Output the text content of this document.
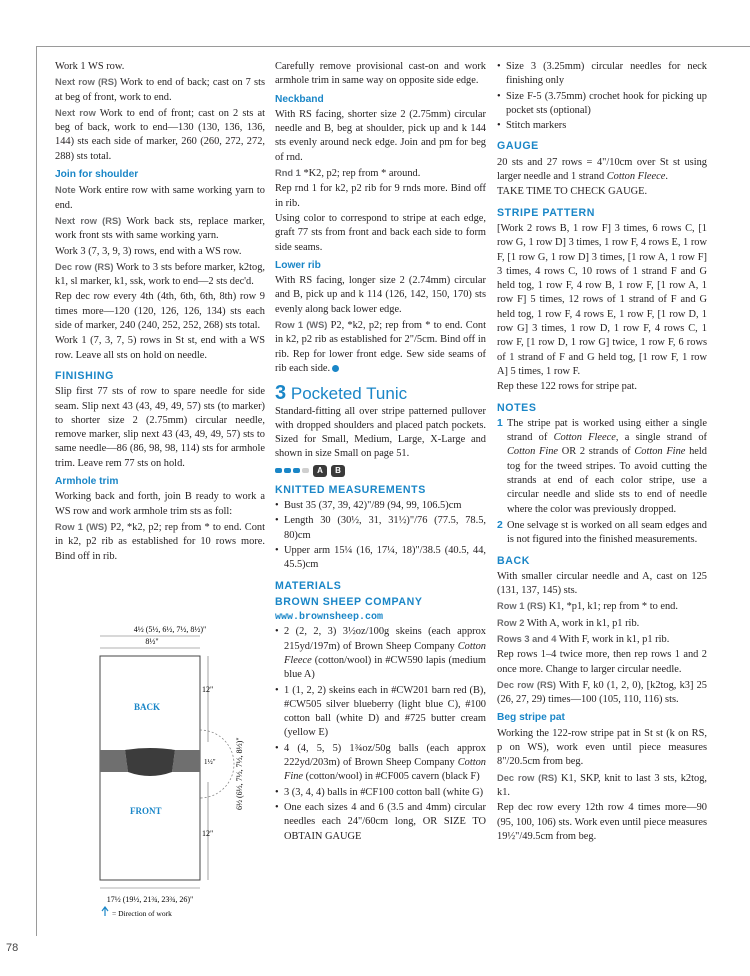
Work 1 WS row.

Next row (RS) Work to end of back; cast on 7 sts at beg of front, work to end.

Next row Work to end of front; cast on 2 sts at beg of back, work to end—130 (130, 136, 136, 144) sts each side of marker, 260 (260, 272, 272, 288) sts total.

Join for shoulder

Note Work entire row with same working yarn to end.

Next row (RS) Work back sts, replace marker, work front sts with same working yarn.

Work 3 (7, 3, 9, 3) rows, end with a WS row.

Dec row (RS) Work to 3 sts before marker, k2tog, k1, sl marker, k1, ssk, work to end—2 sts dec'd.

Rep dec row every 4th (4th, 6th, 6th, 8th) row 9 times more—120 (120, 126, 126, 134) sts each side of marker, 240 (240, 252, 252, 268) sts total.

Work 1 (7, 3, 7, 5) rows in St st, end with a WS row. Leave all sts on hold on needle.

FINISHING

Slip first 77 sts of row to spare needle for side seam. Slip next 43 (43, 49, 49, 57) sts (to marker) to shorter size 2 (2.75mm) circular needle, remove marker, slip next 43 (43, 49, 49, 57) sts to same needle—86 (86, 98, 98, 114) sts for armhole trim. Leave rem 77 sts on hold.

Armhole trim

Working back and forth, join B ready to work a WS row and work armhole trim sts as foll:

Row 1 (WS) P2, *k2, p2; rep from * to end. Cont in k2, p2 rib as established for 10 rows more. Bind off in rib.

4½ (5½, 6½, 7½, 8½)"
8½"
BACK
FRONT
12"
1½"
12"
6½ (6½, 7½, 7½, 8½)"
17½ (19½, 21¾, 23¾, 26)"
= Direction of work

Carefully remove provisional cast-on and work armhole trim in same way on opposite side edge.

Neckband

With RS facing, shorter size 2 (2.75mm) circular needle and B, beg at shoulder, pick up and k 144 sts evenly around neck edge. Join and pm for beg of rnd.

Rnd 1 *K2, p2; rep from * around.

Rep rnd 1 for k2, p2 rib for 9 rnds more. Bind off in rib.

Using color to correspond to stripe at each edge, graft 77 sts from front and back each side to form side seams.

Lower rib

With RS facing, longer size 2 (2.74mm) circular and B, pick up and k 114 (126, 142, 150, 170) sts evenly along back lower edge.

Row 1 (WS) P2, *k2, p2; rep from * to end. Cont in k2, p2 rib as established for 2"/5cm. Bind off in rib. Rep for lower front edge. Sew side seams of rib each side.

3 Pocketed Tunic

Standard-fitting all over stripe patterned pullover with dropped shoulders and placed patch pockets. Sized for Small, Medium, Large, X-Large and shown in size Small on page 51.

A	B
KNITTED MEASUREMENTS
• Bust 35 (37, 39, 42)"/89 (94, 99, 106.5)cm
• Length 30 (30½, 31, 31½)"/76 (77.5, 78.5, 80)cm
• Upper arm 15¼ (16, 17¼, 18)"/38.5 (40.5, 44, 45.5)cm
MATERIALS
BROWN SHEEP COMPANY
www.brownsheep.com
• 2 (2, 2, 3) 3½oz/100g skeins (each approx 215yd/197m) of Brown Sheep Company Cotton Fleece (cotton/wool) in #CW590 lapis (medium blue A)
• 1 (1, 2, 2) skeins each in #CW201 barn red (B), #CW505 silver blueberry (light blue C), #100 cotton ball (white D) and #725 butter cream (yellow E)
• 4 (4, 5, 5) 1¾oz/50g balls (each approx 222yd/203m) of Brown Sheep Company Cotton Fine (cotton/wool) in #CF005 cavern (black F)
• 3 (3, 4, 4) balls in #CF100 cotton ball (white G)
• One each sizes 4 and 6 (3.5 and 4mm) circular needles each 24"/60cm long, OR SIZE TO OBTAIN GAUGE
• Size 3 (3.25mm) circular needles for neck finishing only
• Size F-5 (3.75mm) crochet hook for picking up pocket sts (optional)
• Stitch markers
GAUGE

20 sts and 27 rows = 4"/10cm over St st using larger needle and 1 strand Cotton Fleece.

TAKE TIME TO CHECK GAUGE.

STRIPE PATTERN

[Work 2 rows B, 1 row F] 3 times, 6 rows C, [1 row G, 1 row D] 3 times, 1 row F, 4 rows E, 1 row F, [1 row G, 1 row D] 3 times, [1 row A, 1 row F] 3 times, 4 rows C, 10 rows of 1 strand F and G held tog, 1 row F, 4 row B, 1 row F, [1 row A, 1 row F] 5 times, 12 rows of 1 strand of F and G held tog, 1 row F, 4 rows E, 1 row F, [1 row D, 1 row G] 3 times, 1 row D, 1 row F, 4 rows C, 1 row F, [1 row D, 1 row G] twice, 1 row F, 6 rows of 1 strand of F and G held tog, [1 row F, 1 row A] 5 times, 1 row F.

Rep these 122 rows for stripe pat.

NOTES
1 The stripe pat is worked using either a single strand of Cotton Fleece, a single strand of Cotton Fine OR 2 strands of Cotton Fine held tog for the tweed stripes. To avoid cutting the strands at end of each color stripe, use a circular needle and slide sts to end of needle where the color was previously dropped.
2 One selvage st is worked on all seam edges and is not figured into the finished measurements.
BACK

With smaller circular needle and A, cast on 125 (131, 137, 145) sts.

Row 1 (RS) K1, *p1, k1; rep from * to end.

Row 2 With A, work in k1, p1 rib.

Rows 3 and 4 With F, work in k1, p1 rib.

Rep rows 1–4 twice more, then rep rows 1 and 2 once more. Change to larger circular needle.

Dec row (RS) With F, k0 (1, 2, 0), [k2tog, k3] 25 (26, 27, 29) times—100 (105, 110, 116) sts.

Beg stripe pat

Working the 122-row stripe pat in St st (k on RS, p on WS), work even until piece measures 8"/20.5cm from beg.

Dec row (RS) K1, SKP, knit to last 3 sts, k2tog, k1.

Rep dec row every 12th row 4 times more—90 (95, 100, 106) sts. Work even until piece measures 19½"/49.5cm from beg.

78
